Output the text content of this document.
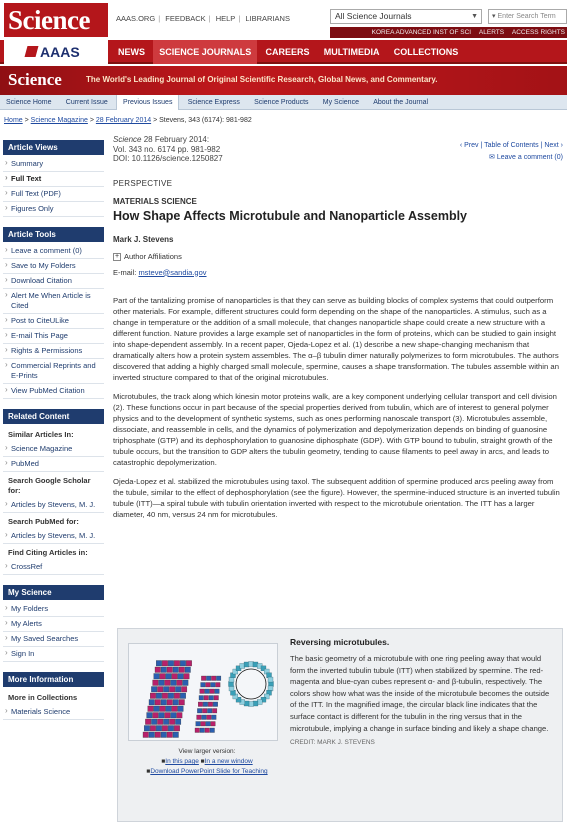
Science	AAAS.ORG | FEEDBACK | HELP | LIBRARIANS	All Science Journals	▼	▾ Enter Search Term
KOREA ADVANCED INST OF SCI ALERTS ACCESS RIGHTS
AAAS	NEWS SCIENCE JOURNALS CAREERS MULTIMEDIA COLLECTIONS
Science	The World's Leading Journal of Original Scientific Research, Global News, and Commentary.
Science Home Current Issue Previous Issues Science Express Science Products My Science About the Journal
Home > Science Magazine > 28 February 2014 > Stevens, 343 (6174): 981-982
Article Views
› Summary
› Full Text
› Full Text (PDF)
› Figures Only
Article Tools
› Leave a comment (0)
› Save to My Folders
› Download Citation
› Alert Me When Article is Cited
› Post to CiteULike
› E-mail This Page
› Rights & Permissions
› Commercial Reprints and E-Prints
› View PubMed Citation
Related Content
Similar Articles In:
› Science Magazine
› PubMed
Search Google Scholar for:
› Articles by Stevens, M. J.
Search PubMed for:
› Articles by Stevens, M. J.
Find Citing Articles in:
› CrossRef
My Science
› My Folders
› My Alerts
› My Saved Searches
› Sign In
More Information
More in Collections
› Materials Science
Science 28 February 2014:
Vol. 343 no. 6174 pp. 981-982
DOI: 10.1126/science.1250827
‹ Prev | Table of Contents | Next ›
✉ Leave a comment (0)
PERSPECTIVE
MATERIALS SCIENCE
How Shape Affects Microtubule and Nanoparticle Assembly
Mark J. Stevens
+ Author Affiliations
E-mail: msteve@sandia.gov

Part of the tantalizing promise of nanoparticles is that they can serve as building blocks of complex systems that could outperform other materials. For example, different structures could form depending on the shape of the nanoparticles. A stimulus, such as a change in temperature or the addition of a small molecule, that changes nanoparticle shape could create a new structure with a different function. Nature provides a large example set of nanoparticles in the form of proteins, which can be studied to gain insight into shape-dependent assembly. In a recent paper, Ojeda-Lopez et al. (1) describe a new shape-changing mechanism that dramatically alters how a protein system assembles. The α–β tubulin dimer naturally polymerizes to form microtubules. The authors discovered that adding a highly charged small molecule, spermine, causes a shape transformation. The tubules assemble within an inverted structure compared to that of the original microtubules.

Microtubules, the track along which kinesin motor proteins walk, are a key component underlying cellular transport and cell division (2). These functions occur in part because of the special properties derived from tubulin, which are of interest to general polymer physics and to the development of synthetic systems, such as ones performing nanoscale transport (3). Microtubules assemble, dissociate, and reassemble in cells, and the dynamics of polymerization and depolymerization depends on binding of guanosine triphosphate (GTP) and its dephosphorylation to guanosine diphosphate (GDP). With GTP bound to tubulin, straight growth of the tubule occurs, but the transition to GDP alters the tubulin geometry, tending to cause filaments to peel away in arcs, and leads to catastrophic depolymerization.

Ojeda-Lopez et al. stabilized the microtubules using taxol. The subsequent addition of spermine produced arcs peeling away from the tubule, similar to the effect of dephosphorylation (see the figure). However, the spermine-induced structure is an inverted tubulin tubule (ITT)—a spiral tubule with tubulin orientation inverted with respect to the microtubule orientation. The ITT has a larger diameter, 40 nm, versus 24 nm for microtubules.

View larger version:
■In this page ■In a new window
■Download PowerPoint Slide for Teaching
Reversing microtubules.
The basic geometry of a microtubule with one ring peeling away that would form the inverted tubulin tubule (ITT) when stabilized by spermine. The red-magenta and blue-cyan cubes represent α- and β-tubulin, respectively. The colors show how what was the inside of the microtubule becomes the outside of the ITT. In the magnified image, the circular black line indicates that the surface contact is different for the tubulin in the ring versus that in the microtubule, implying a change in surface binding and likely a shape change.
CREDIT: MARK J. STEVENS
